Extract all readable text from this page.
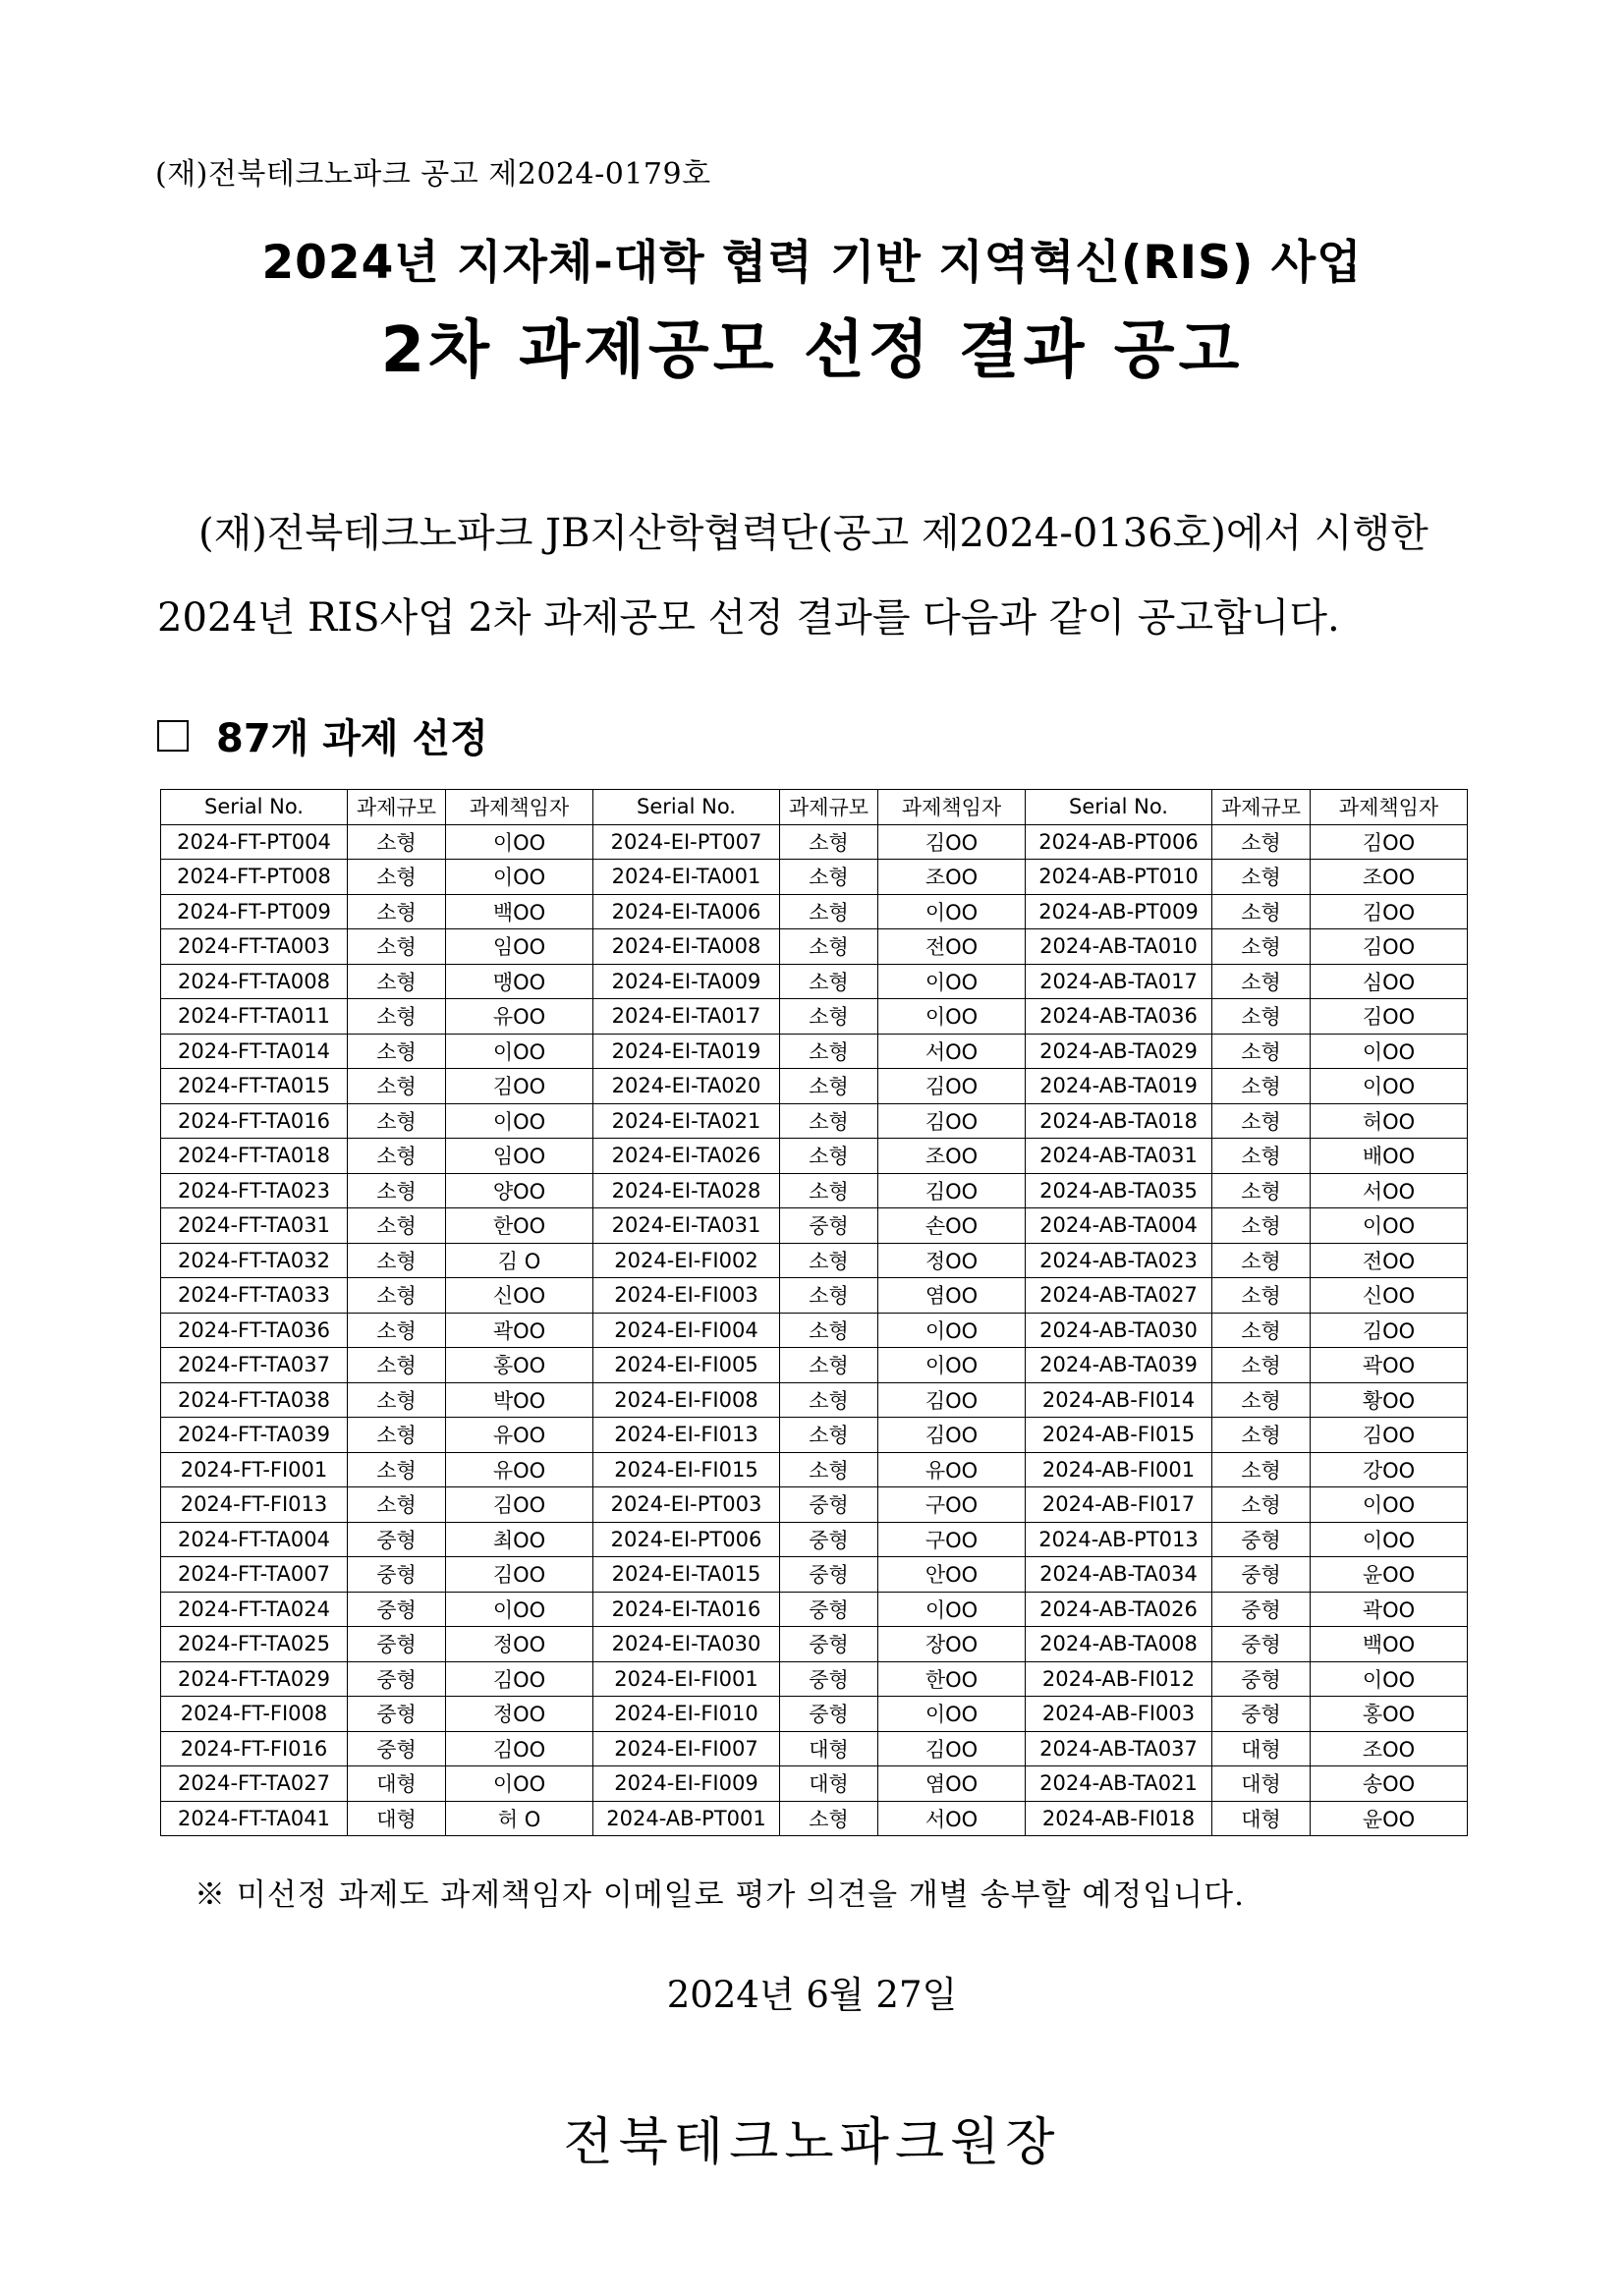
(재)전북테크노파크 공고 제2024-0179호
2024년 지자체-대학 협력 기반 지역혁신(RIS) 사업
2차 과제공모 선정 결과 공고

(재)전북테크노파크 JB지산학협력단(공고 제2024-0136호)에서 시행한

2024년 RIS사업 2차 과제공모 선정 결과를 다음과 같이 공고합니다.

87개 과제 선정
Serial No.	과제규모	과제책임자	Serial No.	과제규모	과제책임자	Serial No.	과제규모	과제책임자
2024-FT-PT004	소형	이OO	2024-EI-PT007	소형	김OO	2024-AB-PT006	소형	김OO
2024-FT-PT008	소형	이OO	2024-EI-TA001	소형	조OO	2024-AB-PT010	소형	조OO
2024-FT-PT009	소형	백OO	2024-EI-TA006	소형	이OO	2024-AB-PT009	소형	김OO
2024-FT-TA003	소형	임OO	2024-EI-TA008	소형	전OO	2024-AB-TA010	소형	김OO
2024-FT-TA008	소형	맹OO	2024-EI-TA009	소형	이OO	2024-AB-TA017	소형	심OO
2024-FT-TA011	소형	유OO	2024-EI-TA017	소형	이OO	2024-AB-TA036	소형	김OO
2024-FT-TA014	소형	이OO	2024-EI-TA019	소형	서OO	2024-AB-TA029	소형	이OO
2024-FT-TA015	소형	김OO	2024-EI-TA020	소형	김OO	2024-AB-TA019	소형	이OO
2024-FT-TA016	소형	이OO	2024-EI-TA021	소형	김OO	2024-AB-TA018	소형	허OO
2024-FT-TA018	소형	임OO	2024-EI-TA026	소형	조OO	2024-AB-TA031	소형	배OO
2024-FT-TA023	소형	양OO	2024-EI-TA028	소형	김OO	2024-AB-TA035	소형	서OO
2024-FT-TA031	소형	한OO	2024-EI-TA031	중형	손OO	2024-AB-TA004	소형	이OO
2024-FT-TA032	소형	김 O	2024-EI-FI002	소형	정OO	2024-AB-TA023	소형	전OO
2024-FT-TA033	소형	신OO	2024-EI-FI003	소형	염OO	2024-AB-TA027	소형	신OO
2024-FT-TA036	소형	곽OO	2024-EI-FI004	소형	이OO	2024-AB-TA030	소형	김OO
2024-FT-TA037	소형	홍OO	2024-EI-FI005	소형	이OO	2024-AB-TA039	소형	곽OO
2024-FT-TA038	소형	박OO	2024-EI-FI008	소형	김OO	2024-AB-FI014	소형	황OO
2024-FT-TA039	소형	유OO	2024-EI-FI013	소형	김OO	2024-AB-FI015	소형	김OO
2024-FT-FI001	소형	유OO	2024-EI-FI015	소형	유OO	2024-AB-FI001	소형	강OO
2024-FT-FI013	소형	김OO	2024-EI-PT003	중형	구OO	2024-AB-FI017	소형	이OO
2024-FT-TA004	중형	최OO	2024-EI-PT006	중형	구OO	2024-AB-PT013	중형	이OO
2024-FT-TA007	중형	김OO	2024-EI-TA015	중형	안OO	2024-AB-TA034	중형	윤OO
2024-FT-TA024	중형	이OO	2024-EI-TA016	중형	이OO	2024-AB-TA026	중형	곽OO
2024-FT-TA025	중형	정OO	2024-EI-TA030	중형	장OO	2024-AB-TA008	중형	백OO
2024-FT-TA029	중형	김OO	2024-EI-FI001	중형	한OO	2024-AB-FI012	중형	이OO
2024-FT-FI008	중형	정OO	2024-EI-FI010	중형	이OO	2024-AB-FI003	중형	홍OO
2024-FT-FI016	중형	김OO	2024-EI-FI007	대형	김OO	2024-AB-TA037	대형	조OO
2024-FT-TA027	대형	이OO	2024-EI-FI009	대형	염OO	2024-AB-TA021	대형	송OO
2024-FT-TA041	대형	허 O	2024-AB-PT001	소형	서OO	2024-AB-FI018	대형	윤OO
※ 미선정 과제도 과제책임자 이메일로 평가 의견을 개별 송부할 예정입니다.
2024년 6월 27일
전북테크노파크원장
